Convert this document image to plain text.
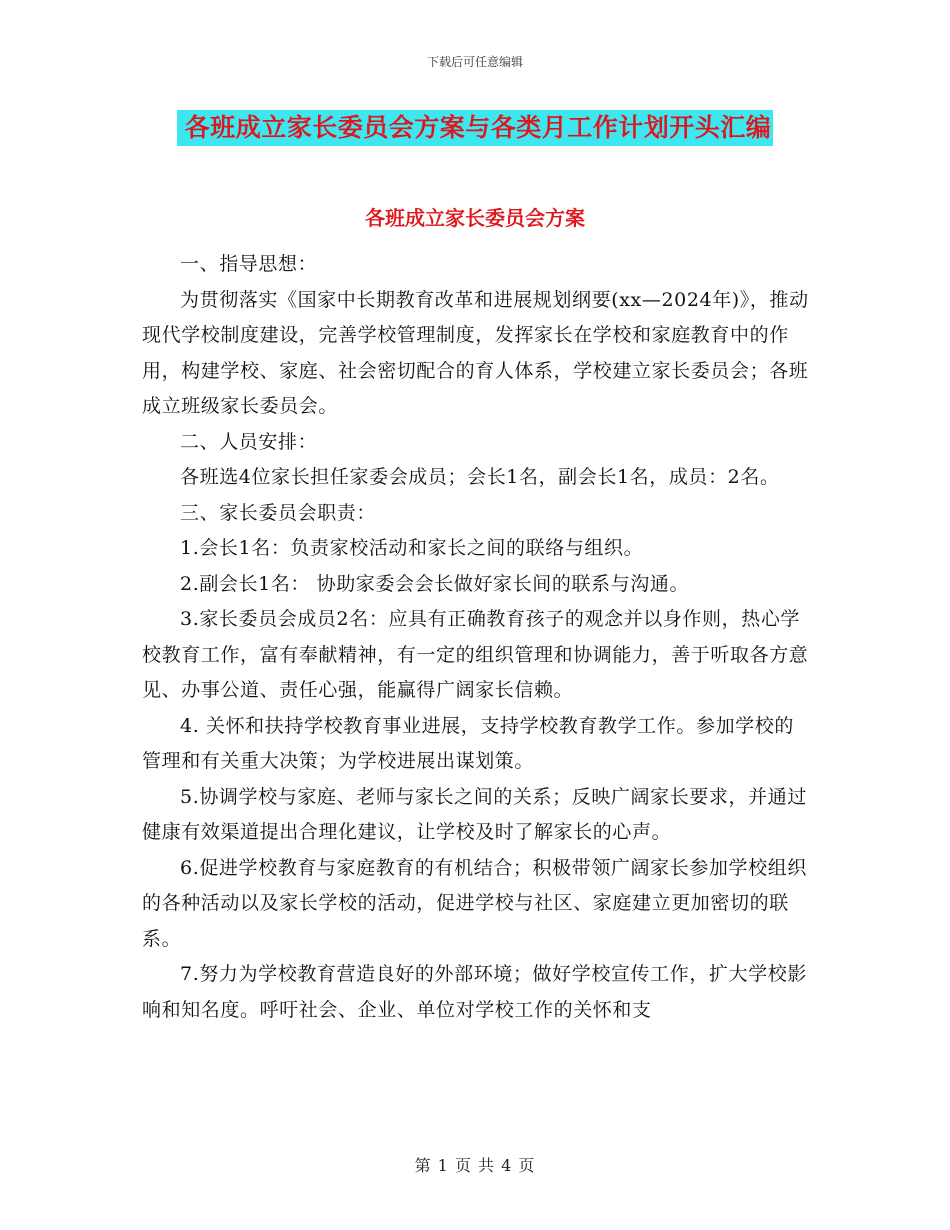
下载后可任意编辑
各班成立家长委员会方案与各类月工作计划开头汇编
各班成立家长委员会方案

一、指导思想：

为贯彻落实《国家中长期教育改革和进展规划纲要(xx—2024年)》，推动现代学校制度建设，完善学校管理制度，发挥家长在学校和家庭教育中的作用，构建学校、家庭、社会密切配合的育人体系，学校建立家长委员会；各班成立班级家长委员会。

二、人员安排：

各班选4位家长担任家委会成员；会长1名，副会长1名，成员：2名。

三、家长委员会职责：

1.会长1名：负责家校活动和家长之间的联络与组织。

2.副会长1名： 协助家委会会长做好家长间的联系与沟通。

3.家长委员会成员2名：应具有正确教育孩子的观念并以身作则，热心学校教育工作，富有奉献精神，有一定的组织管理和协调能力，善于听取各方意见、办事公道、责任心强，能赢得广阔家长信赖。

4. 关怀和扶持学校教育事业进展，支持学校教育教学工作。参加学校的管理和有关重大决策；为学校进展出谋划策。

5.协调学校与家庭、老师与家长之间的关系；反映广阔家长要求，并通过健康有效渠道提出合理化建议，让学校及时了解家长的心声。

6.促进学校教育与家庭教育的有机结合；积极带领广阔家长参加学校组织的各种活动以及家长学校的活动，促进学校与社区、家庭建立更加密切的联系。

7.努力为学校教育营造良好的外部环境；做好学校宣传工作，扩大学校影响和知名度。呼吁社会、企业、单位对学校工作的关怀和支

第 1 页 共 4 页
